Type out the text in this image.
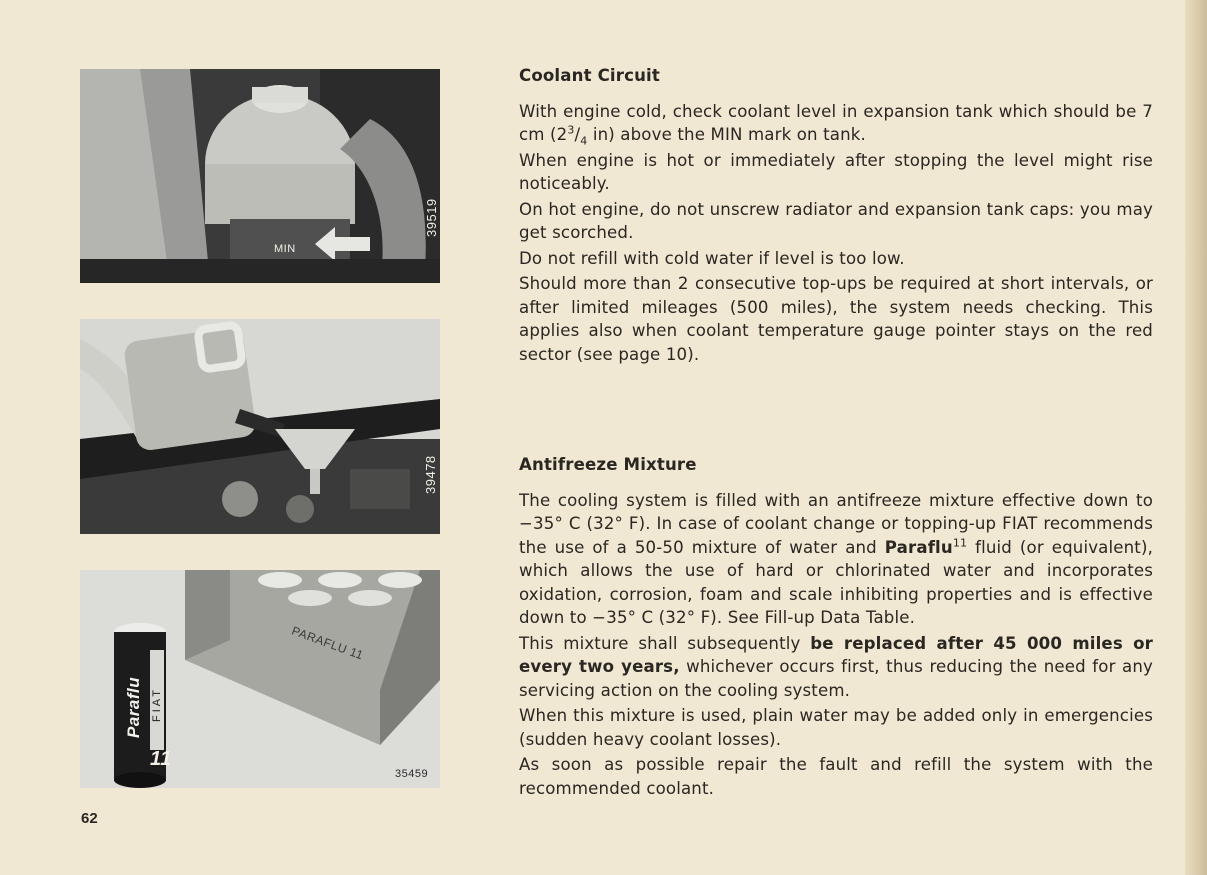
MIN
39519
39478
Paraflu FIAT
11
PARAFLU 11
35459
62
Coolant Circuit

With engine cold, check coolant level in expansion tank which should be 7 cm ($2^3/_4$ in) above the MIN mark on tank.

When engine is hot or immediately after stopping the level might rise noticeably.

On hot engine, do not unscrew radiator and expansion tank caps: you may get scorched.

Do not refill with cold water if level is too low.

Should more than 2 consecutive top-ups be required at short intervals, or after limited mileages (500 miles), the system needs checking. This applies also when coolant temperature gauge pointer stays on the red sector (see page 10).

Antifreeze Mixture

The cooling system is filled with an antifreeze mixture effective down to −35° C (32° F). In case of coolant change or topping-up FIAT recommends the use of a 50-50 mixture of water and Paraflu$^{11}$ fluid (or equivalent), which allows the use of hard or chlorinated water and incorporates oxidation, corrosion, foam and scale inhibiting properties and is effective down to −35° C (32° F). See Fill-up Data Table.

This mixture shall subsequently be replaced after 45 000 miles or every two years, whichever occurs first, thus reducing the need for any servicing action on the cooling system.

When this mixture is used, plain water may be added only in emergencies (sudden heavy coolant losses).

As soon as possible repair the fault and refill the system with the recommended coolant.
